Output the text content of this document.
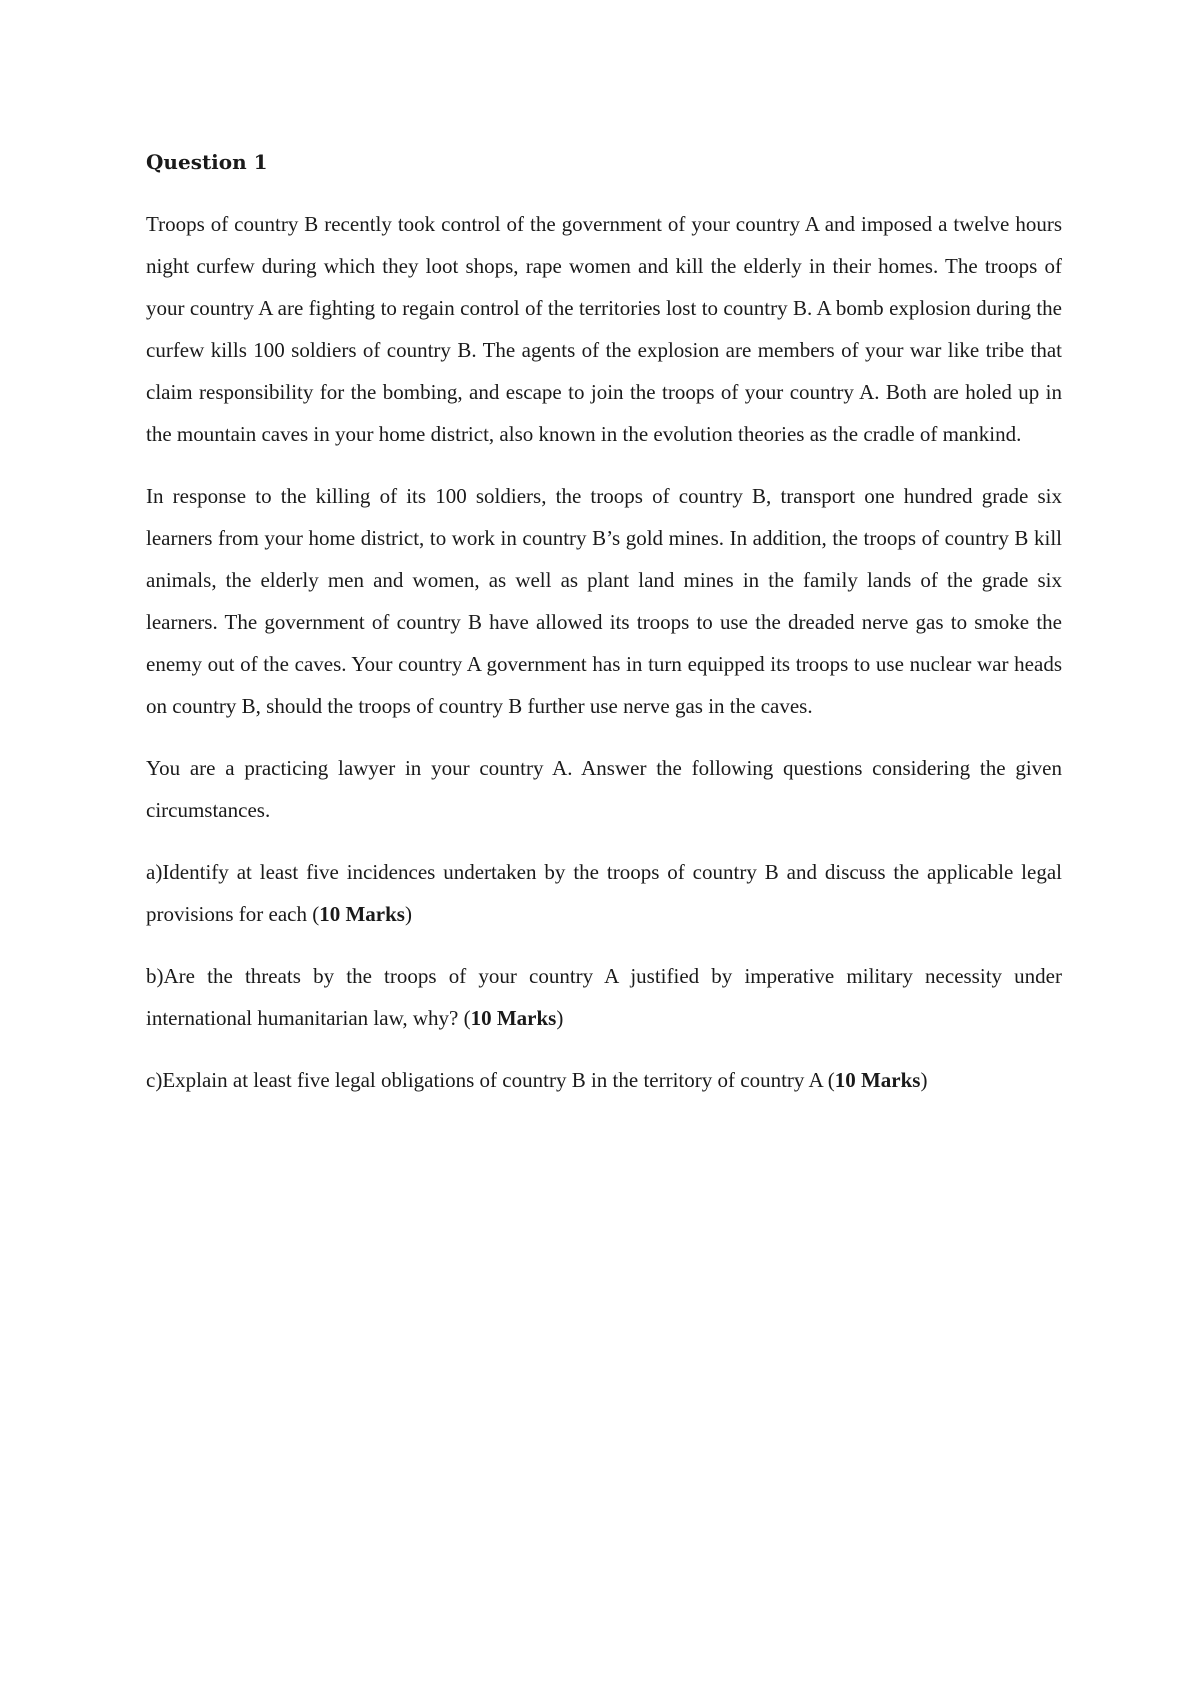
Question 1

Troops of country B recently took control of the government of your country A and imposed a twelve hours night curfew during which they loot shops, rape women and kill the elderly in their homes. The troops of your country A are fighting to regain control of the territories lost to country B. A bomb explosion during the curfew kills 100 soldiers of country B. The agents of the explosion are members of your war like tribe that claim responsibility for the bombing, and escape to join the troops of your country A. Both are holed up in the mountain caves in your home district, also known in the evolution theories as the cradle of mankind.

In response to the killing of its 100 soldiers, the troops of country B, transport one hundred grade six learners from your home district, to work in country B’s gold mines. In addition, the troops of country B kill animals, the elderly men and women, as well as plant land mines in the family lands of the grade six learners. The government of country B have allowed its troops to use the dreaded nerve gas to smoke the enemy out of the caves. Your country A government has in turn equipped its troops to use nuclear war heads on country B, should the troops of country B further use nerve gas in the caves.

You are a practicing lawyer in your country A. Answer the following questions considering the given circumstances.

a)Identify at least five incidences undertaken by the troops of country B and discuss the applicable legal provisions for each (10 Marks)

b)Are the threats by the troops of your country A justified by imperative military necessity under international humanitarian law, why? (10 Marks)

c)Explain at least five legal obligations of country B in the territory of country A (10 Marks)
